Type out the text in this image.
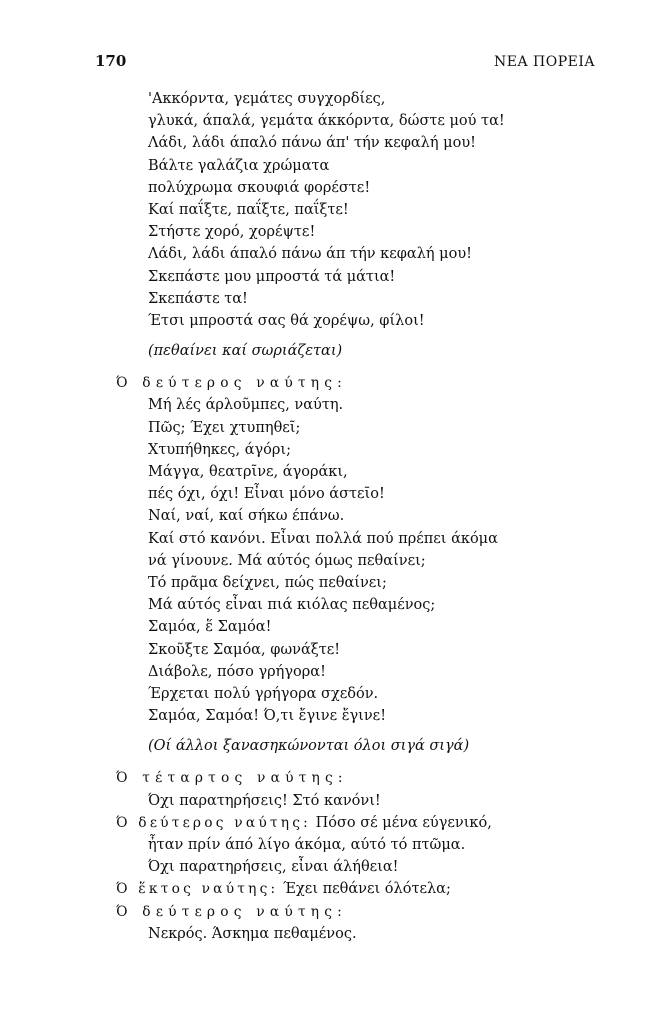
170	ΝΕΑ ΠΟΡΕΙΑ
'Ακκόρντα, γεμάτες συγχορδίες,
γλυκά, άπαλά, γεμάτα άκκόρντα, δώστε μού τα!
Λάδι, λάδι άπαλό πάνω άπ' τήν κεφαλή μου!
Βάλτε γαλάζια χρώματα
πολύχρωμα σκουφιά φορέστε!
Καί παΐξτε, παΐξτε, παΐξτε!
Στήστε χορό, χορέψτε!
Λάδι, λάδι άπαλό πάνω άπ τήν κεφαλή μου!
Σκεπάστε μου μπροστά τά μάτια!
Σκεπάστε τα!
Έτσι μπροστά σας θά χορέψω, φίλοι!
(πεθαίνει καί σωριάζεται)
Ό δεύτερος ναύτης:
Μή λές άρλοῦμπες, ναύτη.
Πῶς; Έχει χτυπηθεῖ;
Χτυπήθηκες, άγόρι;
Μάγγα, θεατρῖνε, άγοράκι,
πές όχι, όχι! Εἶναι μόνο άστεῖο!
Ναί, ναί, καί σήκω έπάνω.
Καί στό κανόνι. Εἶναι πολλά πού πρέπει άκόμα
νά γίνουνε. Μά αύτός όμως πεθαίνει;
Τό πρᾶμα δείχνει, πώς πεθαίνει;
Μά αύτός εἶναι πιά κιόλας πεθαμένος;
Σαμόα, ἕ Σαμόα!
Σκοῦξτε Σαμόα, φωνάξτε!
Διάβολε, πόσο γρήγορα!
Έρχεται πολύ γρήγορα σχεδόν.
Σαμόα, Σαμόα! Ό,τι ἔγινε ἔγινε!
(Οί άλλοι ξανασηκώνονται όλοι σιγά σιγά)
Ό τέταρτος ναύτης:
Όχι παρατηρήσεις! Στό κανόνι!
Ό δεύτερος ναύτης: Πόσο σέ μένα εύγενικό,
ἦταν πρίν άπό λίγο άκόμα, αύτό τό πτῶμα.
Όχι παρατηρήσεις, εἶναι άλήθεια!
Ό ἕκτος ναύτης: Έχει πεθάνει όλότελα;
Ό δεύτερος ναύτης:
Νεκρός. Άσκημα πεθαμένος.
